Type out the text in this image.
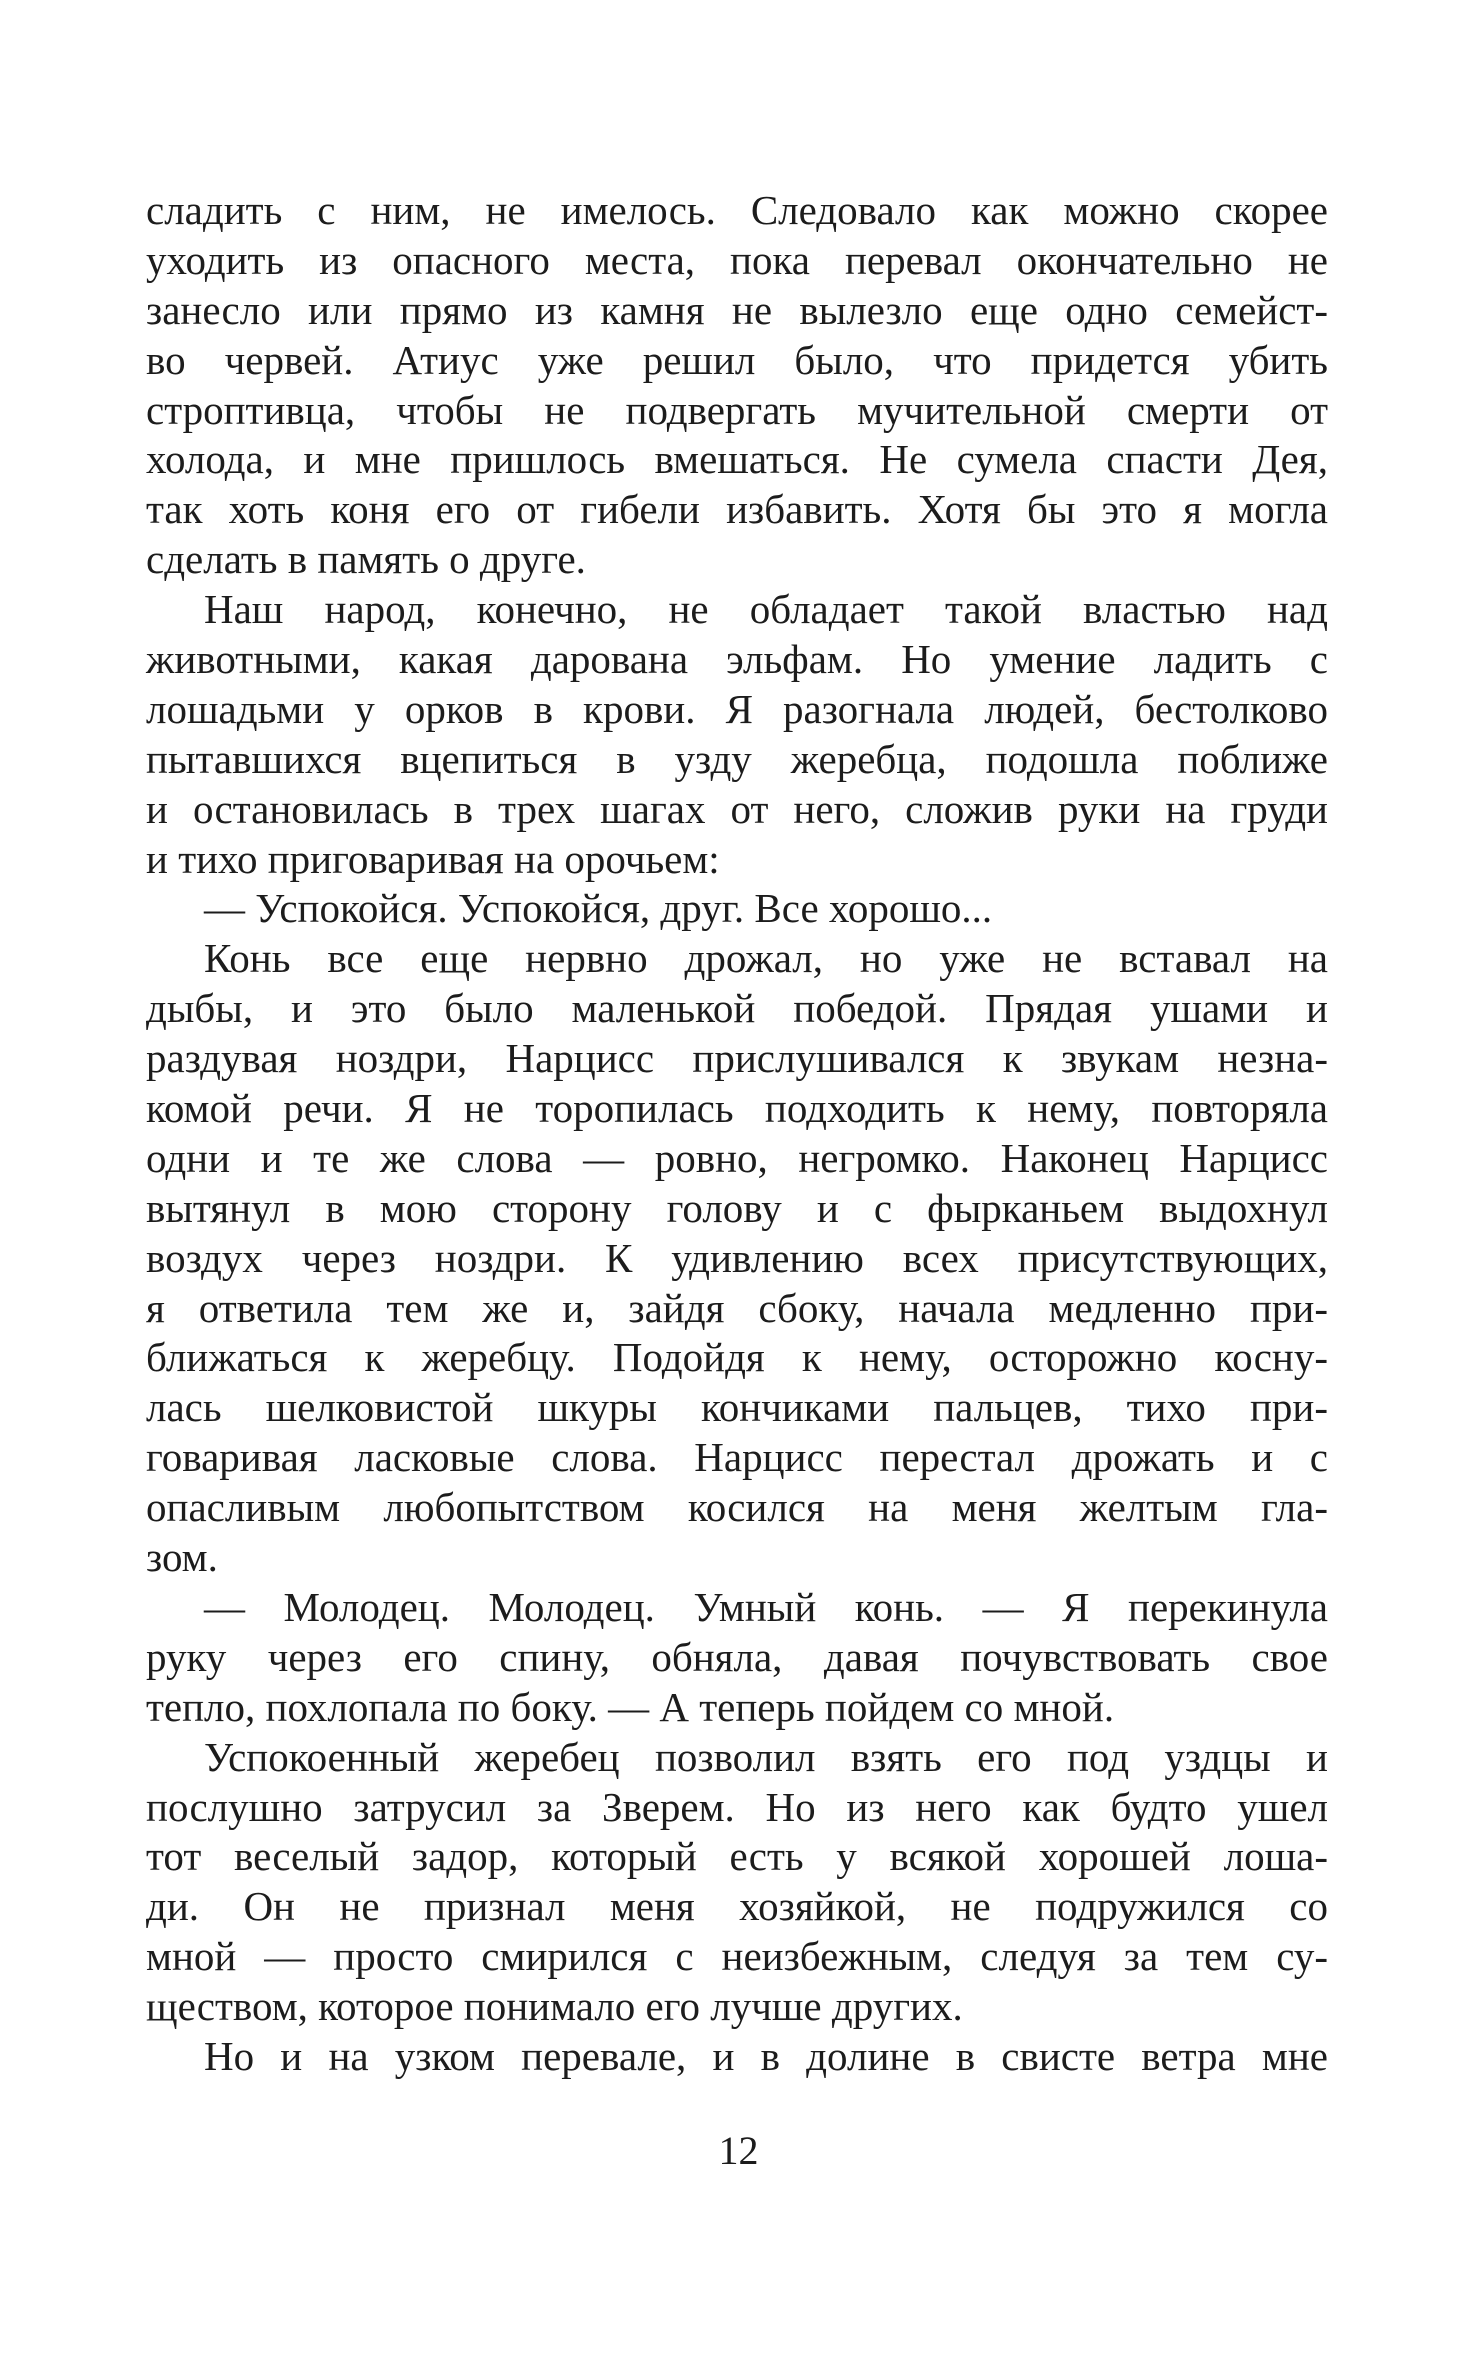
сладить с ним, не имелось. Следовало как можно скорее
уходить из опасного места, пока перевал окончательно не
занесло или прямо из камня не вылезло еще одно семейст-
во червей. Атиус уже решил было, что придется убить
строптивца, чтобы не подвергать мучительной смерти от
холода, и мне пришлось вмешаться. Не сумела спасти Дея,
так хоть коня его от гибели избавить. Хотя бы это я могла
сделать в память о друге.
Наш народ, конечно, не обладает такой властью над
животными, какая дарована эльфам. Но умение ладить с
лошадьми у орков в крови. Я разогнала людей, бестолково
пытавшихся вцепиться в узду жеребца, подошла поближе
и остановилась в трех шагах от него, сложив руки на груди
и тихо приговаривая на орочьем:
— Успокойся. Успокойся, друг. Все хорошо...
Конь все еще нервно дрожал, но уже не вставал на
дыбы, и это было маленькой победой. Прядая ушами и
раздувая ноздри, Нарцисс прислушивался к звукам незна-
комой речи. Я не торопилась подходить к нему, повторяла
одни и те же слова — ровно, негромко. Наконец Нарцисс
вытянул в мою сторону голову и с фырканьем выдохнул
воздух через ноздри. К удивлению всех присутствующих,
я ответила тем же и, зайдя сбоку, начала медленно при-
ближаться к жеребцу. Подойдя к нему, осторожно косну-
лась шелковистой шкуры кончиками пальцев, тихо при-
говаривая ласковые слова. Нарцисс перестал дрожать и с
опасливым любопытством косился на меня желтым гла-
зом.
— Молодец. Молодец. Умный конь. — Я перекинула
руку через его спину, обняла, давая почувствовать свое
тепло, похлопала по боку. — А теперь пойдем со мной.
Успокоенный жеребец позволил взять его под уздцы и
послушно затрусил за Зверем. Но из него как будто ушел
тот веселый задор, который есть у всякой хорошей лоша-
ди. Он не признал меня хозяйкой, не подружился со
мной — просто смирился с неизбежным, следуя за тем су-
ществом, которое понимало его лучше других.
Но и на узком перевале, и в долине в свисте ветра мне
12
